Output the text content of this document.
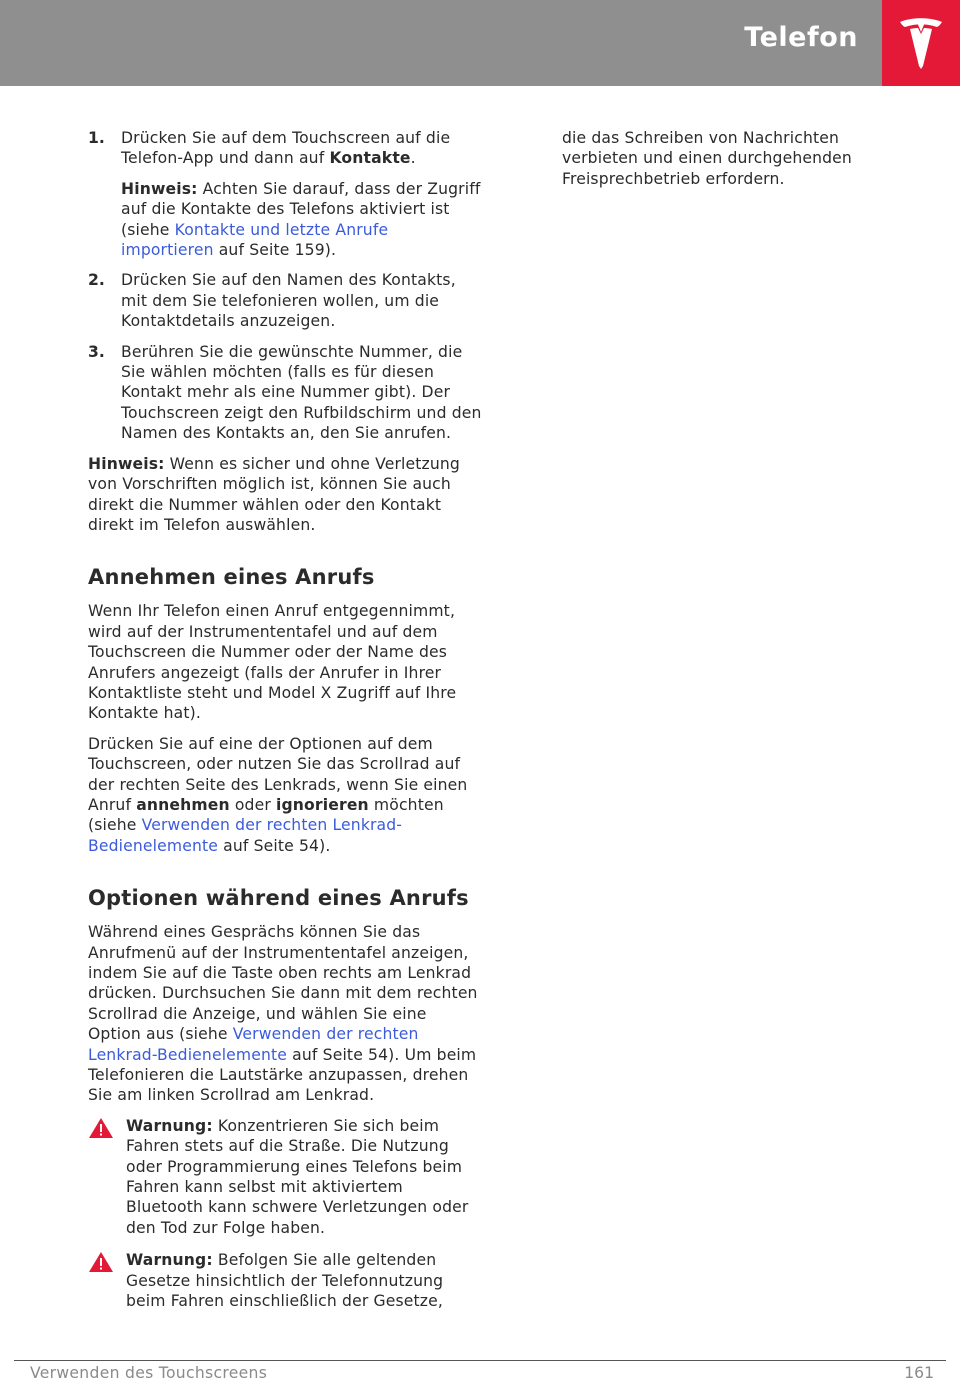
Telefon
1.	Drücken Sie auf dem Touchscreen auf die Telefon-App und dann auf Kontakte.
Hinweis: Achten Sie darauf, dass der Zugriff auf die Kontakte des Telefons aktiviert ist (siehe Kontakte und letzte Anrufe importieren auf Seite 159).
2.	Drücken Sie auf den Namen des Kontakts, mit dem Sie telefonieren wollen, um die Kontaktdetails anzuzeigen.
3.	Berühren Sie die gewünschte Nummer, die Sie wählen möchten (falls es für diesen Kontakt mehr als eine Nummer gibt). Der Touchscreen zeigt den Rufbildschirm und den Namen des Kontakts an, den Sie anrufen.

Hinweis: Wenn es sicher und ohne Verletzung von Vorschriften möglich ist, können Sie auch direkt die Nummer wählen oder den Kontakt direkt im Telefon auswählen.

Annehmen eines Anrufs

Wenn Ihr Telefon einen Anruf entgegennimmt, wird auf der Instrumententafel und auf dem Touchscreen die Nummer oder der Name des Anrufers angezeigt (falls der Anrufer in Ihrer Kontaktliste steht und Model X Zugriff auf Ihre Kontakte hat).

Drücken Sie auf eine der Optionen auf dem Touchscreen, oder nutzen Sie das Scrollrad auf der rechten Seite des Lenkrads, wenn Sie einen Anruf annehmen oder ignorieren möchten (siehe Verwenden der rechten Lenkrad-Bedienelemente auf Seite 54).

Optionen während eines Anrufs

Während eines Gesprächs können Sie das Anrufmenü auf der Instrumententafel anzeigen, indem Sie auf die Taste oben rechts am Lenkrad drücken. Durchsuchen Sie dann mit dem rechten Scrollrad die Anzeige, und wählen Sie eine Option aus (siehe Verwenden der rechten Lenkrad-Bedienelemente auf Seite 54). Um beim Telefonieren die Lautstärke anzupassen, drehen Sie am linken Scrollrad am Lenkrad.

Warnung: Konzentrieren Sie sich beim Fahren stets auf die Straße. Die Nutzung oder Programmierung eines Telefons beim Fahren kann selbst mit aktiviertem Bluetooth kann schwere Verletzungen oder den Tod zur Folge haben.
Warnung: Befolgen Sie alle geltenden Gesetze hinsichtlich der Telefonnutzung beim Fahren einschließlich der Gesetze,

die das Schreiben von Nachrichten verbieten und einen durchgehenden Freisprechbetrieb erfordern.

Verwenden des Touchscreens	161
